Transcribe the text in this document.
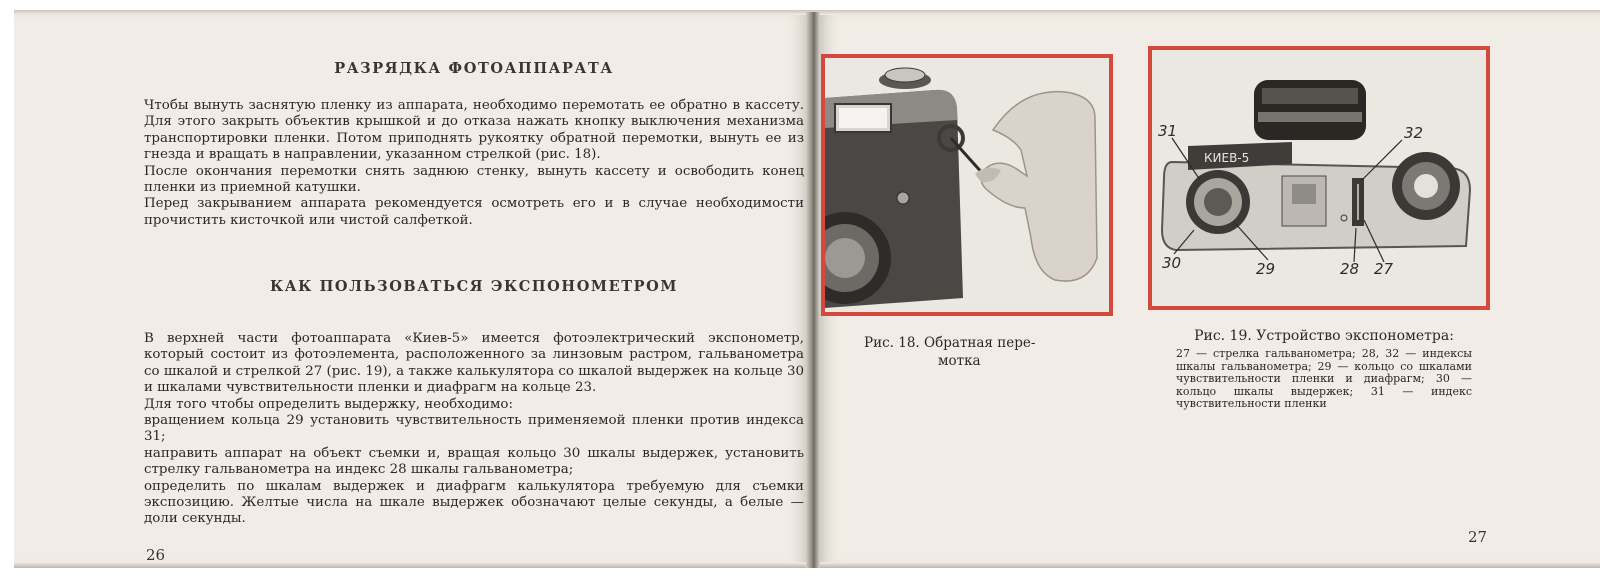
РАЗРЯДКА ФОТОАППАРАТА

Чтобы вынуть заснятую пленку из аппарата, необходимо перемотать ее обратно в кассету. Для этого закрыть объектив крышкой и до отказа нажать кнопку выключения механизма транспортировки пленки. Потом приподнять рукоятку обратной перемотки, вынуть ее из гнезда и вращать в направлении, указанном стрелкой (рис. 18).

После окончания перемотки снять заднюю стенку, вынуть кассету и освободить конец пленки из приемной катушки.

Перед закрыванием аппарата рекомендуется осмотреть его и в случае необходимости прочистить кисточкой или чистой салфеткой.

КАК ПОЛЬЗОВАТЬСЯ ЭКСПОНОМЕТРОМ

В верхней части фотоаппарата «Киев-5» имеется фотоэлектрический экспонометр, который состоит из фотоэлемента, расположенного за линзовым растром, гальванометра со шкалой и стрелкой 27 (рис. 19), а также калькулятора со шкалой выдержек на кольце 30 и шкалами чувствительности пленки и диафрагм на кольце 23.

Для того чтобы определить выдержку, необходимо:

вращением кольца 29 установить чувствительность применяемой пленки против индекса 31;

направить аппарат на объект съемки и, вращая кольцо 30 шкалы выдержек, установить стрелку гальванометра на индекс 28 шкалы гальванометра;

определить по шкалам выдержек и диафрагм калькулятора требуемую для съемки экспозицию. Желтые числа на шкале выдержек обозначают целые секунды, а белые — доли секунды.

26
Рис. 18. Обратная пере-
мотка
КИЕВ-5
31	32
30	29	28 27
Рис. 19. Устройство экспонометра:
27 — стрелка гальванометра; 28, 32 — индексы шкалы гальванометра; 29 — кольцо со шкалами чувствительности пленки и диафрагм; 30 — кольцо шкалы выдержек; 31 — индекс чувствительности пленки
27
